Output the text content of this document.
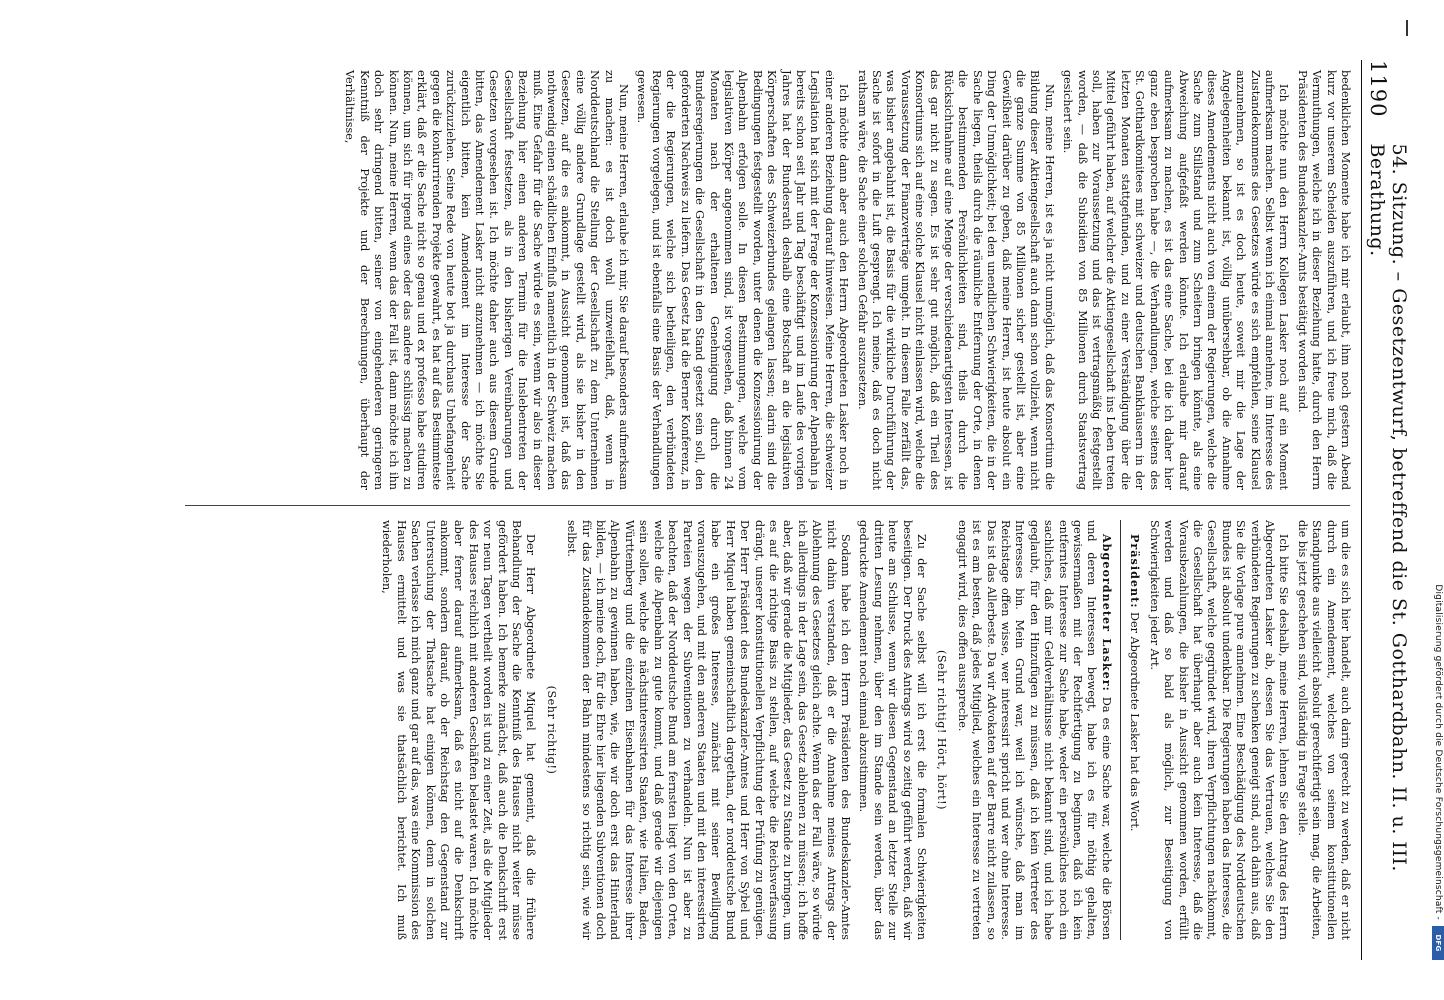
Digitalisierung gefördert durch die Deutsche Forschungsgemeinschaft -
DFG
1190
54. Sitzung. – Gesetzentwurf, betreffend die St. Gotthardbahn. II. u. III. Berathung.

bedenklichen Momente habe ich mir erlaubt, ihm noch gestern Abend kurz vor unserem Scheiden auszuführen, und ich freue mich, daß die Vermuthungen, welche ich in dieser Beziehung hatte, durch den Herrn Präsidenten des Bundeskanzler-Amts bestätigt worden sind.

Ich möchte nun den Herrn Kollegen Lasker noch auf ein Moment aufmerksam machen. Selbst wenn ich einmal annehme, im Interesse des Zustandekommens des Gesetzes würde es sich empfehlen, seine Klausel anzunehmen, so ist es doch heute, soweit mir die Lage der Angelegenheiten bekannt ist, völlig unübersehbar, ob die Annahme dieses Amendements nicht auch von einem der Regierungen, welche die Sache zum Stillstand und zum Scheitern bringen könnte, als eine Abweichung aufgefaßt werden könnte. Ich erlaube mir darauf aufmerksam zu machen, es ist das eine Sache, bei die ich daher hier ganz eben besprochen habe —, die Verhandlungen, welche seitens des St. Gotthardkomitees mit schweizer und deutschen Bankhäusern in der letzten Monaten stattgefunden, und zu einer Verständigung über die Mittel geführt haben, auf welcher die Aktiengesellschaft ins Leben treten soll, haben zur Voraussetzung und das ist vertragsmäßig festgestellt worden, — daß die Subsidien von 85 Millionen durch Staatsvertrag gesichert sein.

Nun, meine Herren, ist es ja nicht unmöglich, daß das Konsortium die Bildung dieser Aktiengesellschaft auch dann schon vollzieht, wenn nicht die ganze Summe von 85 Millionen sicher gestellt ist, aber eine Gewißheit darüber zu geben, daß meine Herren, ist heute absolut ein Ding der Unmöglichkeit; bei den unendlichen Schwierigkeiten, die in der Sache liegen, theils durch die räumliche Entfernung der Orte, in denen die bestimmenden Persönlichkeiten sind, theils durch die Rücksichtnahme auf eine Menge der verschiedenartigsten Interessen, ist das gar nicht zu sagen. Es ist sehr gut möglich, daß ein Theil des Konsortiums sich auf eine solche Klausel nicht einlassen wird, welche die Voraussetzung der Finanzverträge umgeht. In diesem Falle zerfällt das, was bisher angebahnt ist, die Basis für die wirkliche Durchführung der Sache ist sofort in die Luft gesprengt. Ich meine, daß es doch nicht rathsam wäre, die Sache einer solchen Gefahr auszusetzen.

Ich möchte dann aber auch den Herrn Abgeordneten Lasker noch in einer anderen Beziehung darauf hinweisen. Meine Herren, die schweizer Legislation hat sich mit der Frage der Konzessionirung der Alpenbahn ja bereits schon seit Jahr und Tag beschäftigt und im Laufe des vorigen Jahres hat der Bundesrath deshalb eine Botschaft an die legislativen Körperschaften des Schweizerbundes gelangen lassen; darin sind die Bedingungen festgestellt worden, unter denen die Konzessionirung der Alpenbahn erfolgen solle. In diesen Bestimmungen, welche vom legislativen Körper angenommen sind, ist vorgesehen, daß binnen 24 Monaten nach der erhaltenen Genehmigung durch die Bundesregierungen die Gesellschaft in den Stand gesetzt sein soll, den geforderten Nachweis zu liefern. Das Gesetz hat die Berner Konferenz, in der die Regierungen, welche sich betheiligen, den verbündeten Regierungen vorgelegen, und ist ebenfalls eine Basis der Verhandlungen gewesen.

Nun, meine Herren, erlaube ich mir, Sie darauf besonders aufmerksam zu machen: es ist doch wohl unzweifelhaft, daß, wenn in Norddeutschland die Stellung der Gesellschaft zu dem Unternehmen eine völlig andere Grundlage gestellt wird, als sie bisher in den Gesetzen, auf die es ankommt, in Aussicht genommen ist, daß das nothwendig einen schädlichen Einfluß namentlich in der Schweiz machen muß. Eine Gefahr für die Sache würde es sein, wenn wir also in dieser Beziehung hier einen anderen Termin für die Inslebentreten der Gesellschaft festsetzen, als in den bisherigen Vereinbarungen und Gesetzen vorgesehen ist. Ich möchte daher auch aus diesem Grunde bitten, das Amendement Lasker nicht anzunehmen — ich möchte Sie eigentlich bitten, kein Amendement im Interesse der Sache zurückzuziehen. Seine Rede von heute bot ja durchaus Unbefangenheit gegen die konkurrirenden Projekte gewahrt, es hat auf das Bestimmteste erklärt, daß er die Sache nicht so genau und ex professo habe studiren können, um sich für irgend eines oder das andere schlüssig machen zu können. Nun, meine Herren, wenn das der Fall ist, dann möchte ich ihn doch sehr dringend bitten, seiner von eingehenderen geringeren Kenntniß der Projekte und der Berechnungen, überhaupt der Verhältnisse,

um die es sich hier handelt, auch darin gerecht zu werden, daß er nicht durch ein Amendement, welches von seinem konstitutionellen Standpunkte aus vielleicht absolut gerechtfertigt sein mag, die Arbeiten, die bis jetzt geschehen sind, vollständig in Frage stelle.

Ich bitte Sie deshalb, meine Herren, lehnen Sie den Antrag des Herrn Abgeordneten Lasker ab, dessen Sie das Vertrauen, welches Sie den verbündeten Regierungen zu schenken geneigt sind, auch dahin aus, daß Sie die Vorlage pure annehmen. Eine Beschädigung des Norddeutschen Bundes ist absolut undenkbar. Die Regierungen haben das Interesse, die Gesellschaft, welche gegründet wird, ihren Verpflichtungen nachkommt, die Gesellschaft hat überhaupt aber auch kein Interesse, daß die Vorausbezahlungen, die bisher in Aussicht genommen worden, erfüllt werden und daß so bald als möglich, zur Beseitigung von Schwierigkeiten jeder Art.

Präsident: Der Abgeordnete Lasker hat das Wort.

Abgeordneter Lasker: Da es eine Sache war, welche die Börsen und deren Interessen bewegt, habe ich es für nöthig gehalten, gewissermaßen mit der Rechtfertigung zu beginnen, daß ich kein entferntes Interesse zur Sache habe, weder ein persönliches noch ein sachliches, daß mir Geldverhältnisse nicht bekannt sind, und ich habe geglaubt, für den Hinzufügen zu müssen, daß ich kein Vertreter des Interesses bin. Mein Grund war, weil ich wünsche, daß man im Reichstage offen wisse, wer interessirt spricht und wer ohne Interesse. Das ist das Allerbeste. Da wir Advokaten auf der Barre nicht zulassen, so ist es am besten, daß jedes Mitglied, welches ein Interesse zu vertreten engagirt wird, dies offen ausspreche.

(Sehr richtig! Hört, hört!)

Zu der Sache selbst will ich erst die formalen Schwierigkeiten beseitigen. Der Druck des Antrags wird so zeitig geführt werden, daß wir heute am Schlusse, wenn wir diesen Gegenstand an letzter Stelle zur dritten Lesung nehmen, über den im Stande sein werden, über das gedruckte Amendement noch einmal abzustimmen.

Sodann habe ich den Herrn Präsidenten des Bundeskanzler-Amtes nicht dahin verstanden, daß er die Annahme meines Antrags der Ablehnung des Gesetzes gleich achte. Wenn das der Fall wäre, so würde ich allerdings in der Lage sein, das Gesetz ablehnen zu müssen; ich hoffe aber, daß wir gerade die Mitglieder, das Gesetz zu Stande zu bringen, um es auf die richtige Basis zu stellen, auf welche die Reichsverfassung drängt, unserer konstitutionellen Verpflichtung der Prüfung zu genügen. Der Herr Präsident des Bundeskanzler-Amtes und Herr von Sybel und Herr Miquel haben gemeinschaftlich dargethan, der norddeutsche Bund habe ein großes Interesse, zunächst mit seiner Bewilligung vorauszugehen, und mit den anderen Staaten und mit den interessirten Parteien wegen der Subventionen zu verhandeln. Nun ist aber zu beachten, daß der Norddeutsche Bund am fernsten liegt von den Orten, welche die Alpenbahn zu gute kommt, und daß gerade wir diejenigen sein sollen, welche die nächstinteressirten Staaten, wie Italien, Baden, Württemberg und die einzelnen Eisenbahnen für das Interesse ihrer Alpenbahn zu gewinnen haben, wie, die wir doch erst das Hinterland bilden, — ich meine doch, für die Ehre hier liegenden Subventionen doch für das Zustandekommen der Bahn mindestens so richtig sein, wie wir selbst.

(Sehr richtig!)

Der Herr Abgeordnete Miquel hat gemeint, daß die frühere Behandlung der Sache die Kenntniß des Hauses nicht weiter müsse gefördert haben. Ich bemerke zunächst, daß auch die Denkschrift erst vor neun Tagen vertheilt worden ist und zu einer Zeit, als die Mitglieder des Hauses reichlich mit anderen Geschäften belastet waren. Ich möchte aber ferner darauf aufmerksam, daß es nicht auf die Denkschrift ankommt, sondern darauf, ob der Reichstag den Gegenstand zur Untersuchung der Thatsache hat einigen können, denn in solchen Sachen verlasse ich mich ganz und gar auf das, was eine Kommission des Hauses ermittelt und was sie thatsächlich berichtet. Ich muß wiederholen,
